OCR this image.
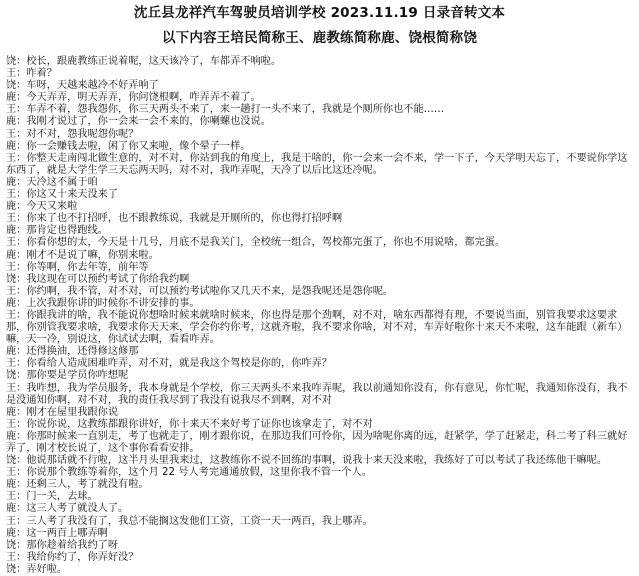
沈丘县龙祥汽车驾驶员培训学校 2023.11.19 日录音转文本

以下内容王培民简称王、鹿教练简称鹿、饶根简称饶

饶：校长，跟鹿教练正说着呢，这天该冷了，车都弄不响啦。

王：咋着？

饶：车呀，天越来越冷不好弄响了

鹿：今天弄弄，明天弄弄，你问饶根啊，咋弄弄不着了。

王：车弄不着，怨我怨你，你三天两头不来了，来一趟打一头不来了，我就是个厕所你也不能……

鹿：我刚才说过了，你一会来一会不来的，你喇螺也没说。

王：对不对，怨我呢怨你呢？

鹿：你一会赚钱去啦，闲了你又来啦，像个晕子一样。

王：你整天走南闯北做生意的，对不对，你站到我的角度上，我是干啥的，你一会来一会不来，学一下子，今天学明天忘了，不要说你学这东西了，就是大学生学三天忘两天吗，对不对，我咋弄呢，天冷了以后比这还冷呢。

鹿：天冷这不属于咱

王：你这又十来天没来了

鹿：今天又来啦

王：你来了也不打招呼，也不跟教练说，我就是开厕所的，你也得打招呼啊

鹿：那肯定也得跑线。

王：你看你想的太，今天是十几号，月底不是我关门，全校统一组合，驾校都完蛋了，你也不用说啥，都完蛋。

鹿：刚才不是说了嘛，你别来啦。

王：你等啊，你去年等，前年等

饶：我这现在可以预约考试了你给我约啊

王：你约啊，我不管，对不对，可以预约考试啦你又几天不来，是怨我呢还是怨你呢。

鹿：上次我跟你讲的时候你不讲安排的事。

王：你跟我讲的啥，我不能说你想啥时候来就啥时候来，你也得是那个劲啊，对不对，啥东西都得有理，不要说当面，别管我要求这要求那，你别管我要求啥，我要求你天天来，学会你约你考，这就齐啦，我不要求你啥，对不对，车弄好啦你十来天不来啦，这车能跟（新车）嘛，天一冷，别说这，你试试去啊，看看咋弄。

鹿：还得换油，还得修这修那

王：你看给人造成困难咋弄，对不对，就是我这个驾校是你的，你咋弄？

饶：那你要是学员你咋想呢

王：我咋想，我为学员服务，我本身就是个学校，你三天两头不来我咋弄呢，我以前通知你没有，你有意见，你忙呢，我通知你没有，我不是没通知你啊，对不对，我的责任我尽到了我没有说我尽不到啊，对不对

鹿：刚才在屋里我跟你说

王：你说你说，这教练都跟你讲好，你十来天不来好考了证你也该拿走了，对不对

鹿：你那时候来一直别走，考了也就走了，刚才跟你说，在那边我们可怜你，因为啥呢你离的远，赶紧学，学了赶紧走，科二考了科三就好弄了，刚才校长说了，这个事你看看安排。

饶：他说那话就不行啦，这半月头里我来过，这教练你不说不回练的事啊，说我十来天没来啦，我练好了可以考试了我还练他干嘛呢。

王：你说那个教练等着你，这个月 22 号人考完通通放假，这里你我不管一个人。

鹿：还剩三人，考了就没有啦。

王：门一关，去球。

鹿：这三人考了就没人了。

王：三人考了我没有了，我总不能搁这发他们工资，工资一天一两百，我上哪弄。

鹿：这一两百上哪弄啊

饶：那你趁着给我约了呀

王：我给你约了，你弄好没？

饶：弄好啦。
